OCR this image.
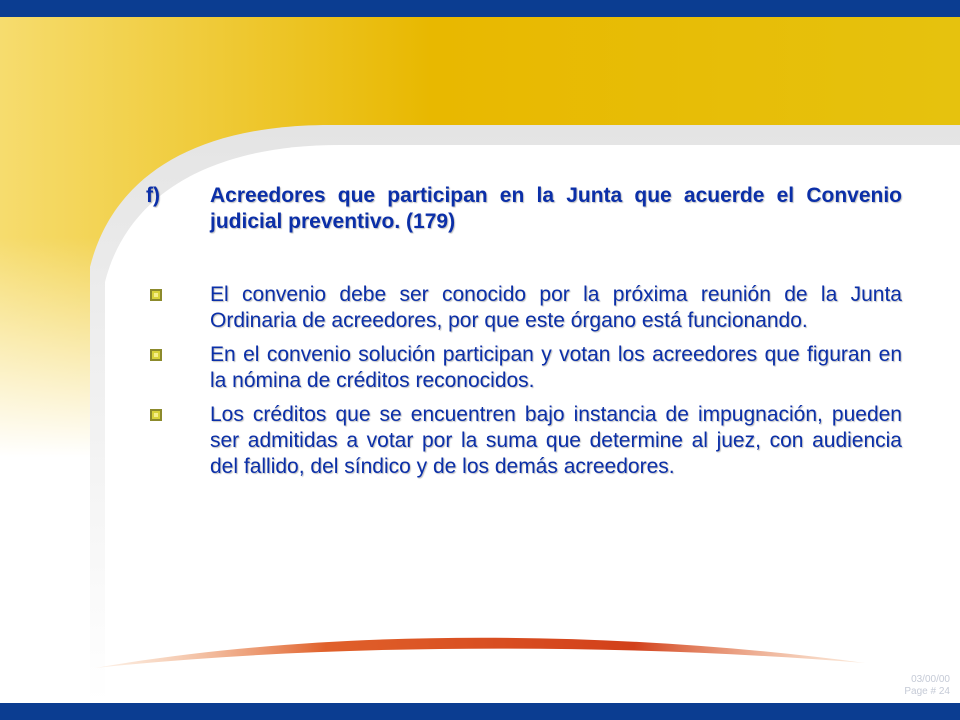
f)	Acreedores que participan en la Junta que acuerde el Convenio judicial preventivo. (179)
El convenio debe ser conocido por la próxima reunión de la Junta Ordinaria de acreedores, por que este órgano está funcionando.
En el convenio solución participan y votan los acreedores que figuran en la nómina de créditos reconocidos.
Los créditos que se encuentren bajo instancia de impugnación, pueden ser admitidas a votar por la suma que determine al juez, con audiencia del fallido, del síndico y de los demás acreedores.
03/00/00
Page # 24
